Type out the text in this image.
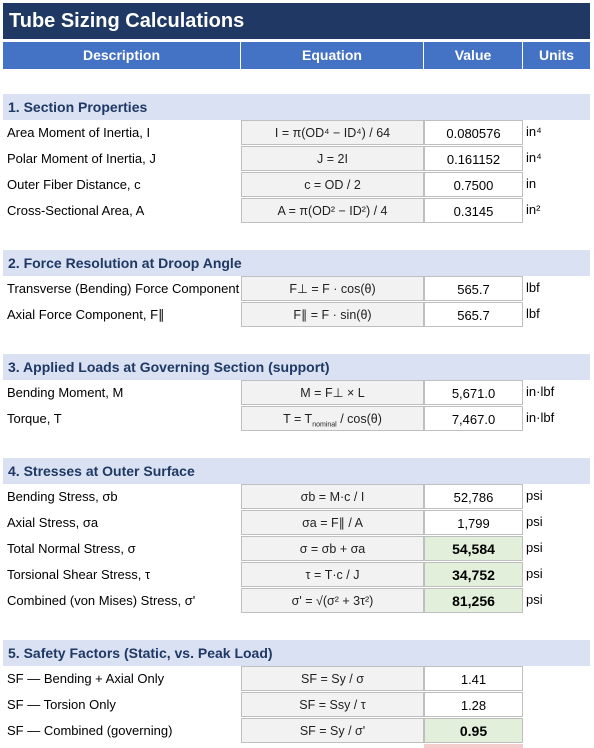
Tube Sizing Calculations
Description	Equation	Value	Units
1. Section Properties
Area Moment of Inertia, I	I = π(OD⁴ − ID⁴) / 64	0.080576	in⁴
Polar Moment of Inertia, J	J = 2I	0.161152	in⁴
Outer Fiber Distance, c	c = OD / 2	0.7500	in
Cross-Sectional Area, A	A = π(OD² − ID²) / 4	0.3145	in²
2. Force Resolution at Droop Angle
Transverse (Bending) Force Component	F⊥ = F · cos(θ)	565.7	lbf
Axial Force Component, F∥	F∥ = F · sin(θ)	565.7	lbf
3. Applied Loads at Governing Section (support)
Bending Moment, M	M = F⊥ × L	5,671.0	in·lbf
Torque, T	$T = T_{nominal} / \cos(\theta)$	7,467.0	in·lbf
4. Stresses at Outer Surface
Bending Stress, σb	σb = M·c / I	52,786	psi
Axial Stress, σa	σa = F∥ / A	1,799	psi
Total Normal Stress, σ	σ = σb + σa	54,584	psi
Torsional Shear Stress, τ	τ = T·c / J	34,752	psi
Combined (von Mises) Stress, σ'	σ' = √(σ² + 3τ²)	81,256	psi
5. Safety Factors (Static, vs. Peak Load)
SF — Bending + Axial Only	SF = Sy / σ	1.41
SF — Torsion Only	SF = Ssy / τ	1.28
SF — Combined (governing)	SF = Sy / σ'	0.95
